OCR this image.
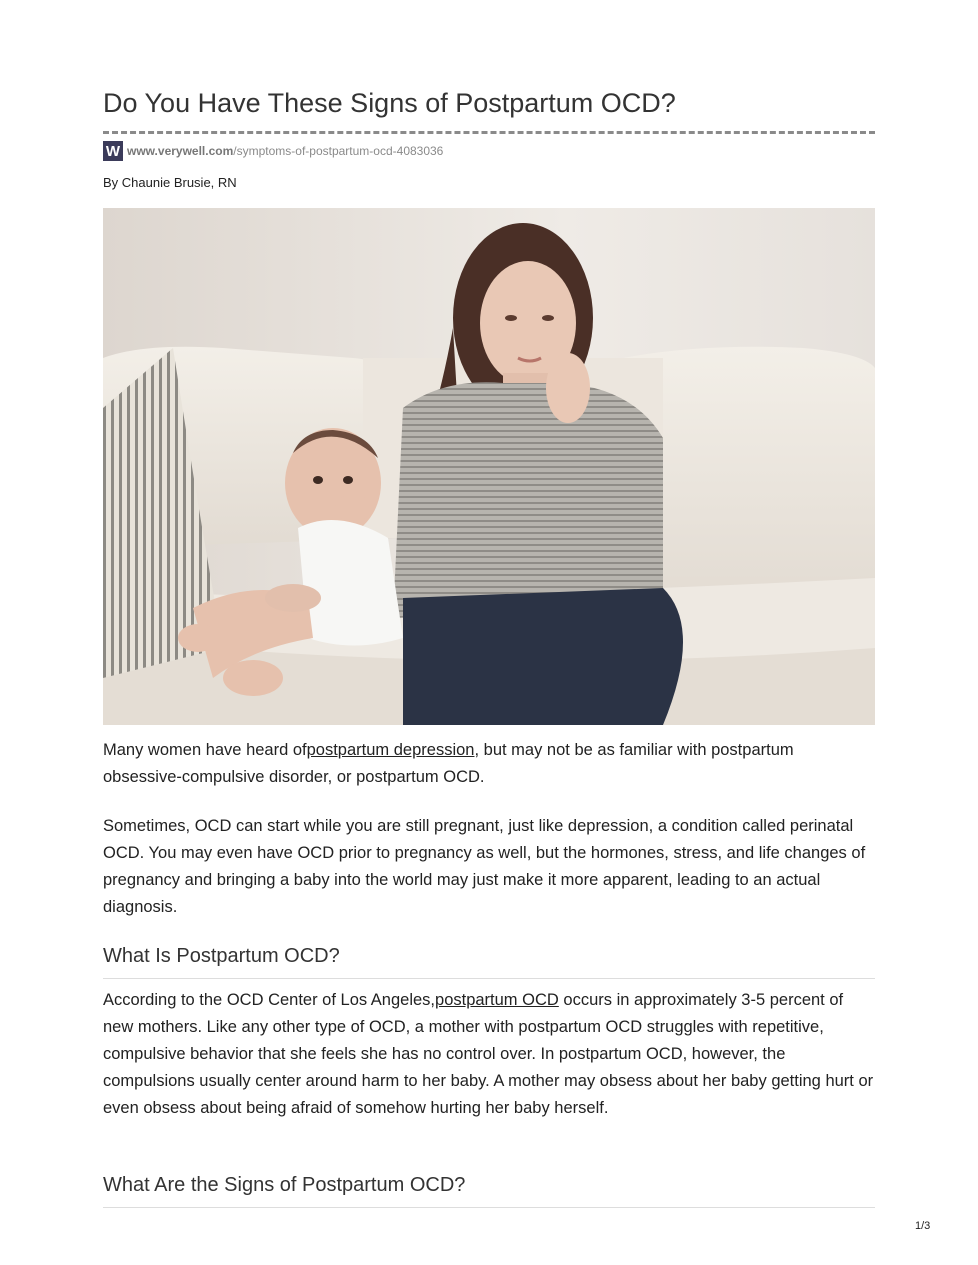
Do You Have These Signs of Postpartum OCD?
W www.verywell.com/symptoms-of-postpartum-ocd-4083036
By Chaunie Brusie, RN

Many women have heard ofpostpartum depression, but may not be as familiar with postpartum obsessive-compulsive disorder, or postpartum OCD.

Sometimes, OCD can start while you are still pregnant, just like depression, a condition called perinatal OCD. You may even have OCD prior to pregnancy as well, but the hormones, stress, and life changes of pregnancy and bringing a baby into the world may just make it more apparent, leading to an actual diagnosis.

What Is Postpartum OCD?

According to the OCD Center of Los Angeles,postpartum OCD occurs in approximately 3-5 percent of new mothers. Like any other type of OCD, a mother with postpartum OCD struggles with repetitive, compulsive behavior that she feels she has no control over. In postpartum OCD, however, the compulsions usually center around harm to her baby. A mother may obsess about her baby getting hurt or even obsess about being afraid of somehow hurting her baby herself.

What Are the Signs of Postpartum OCD?
1/3
